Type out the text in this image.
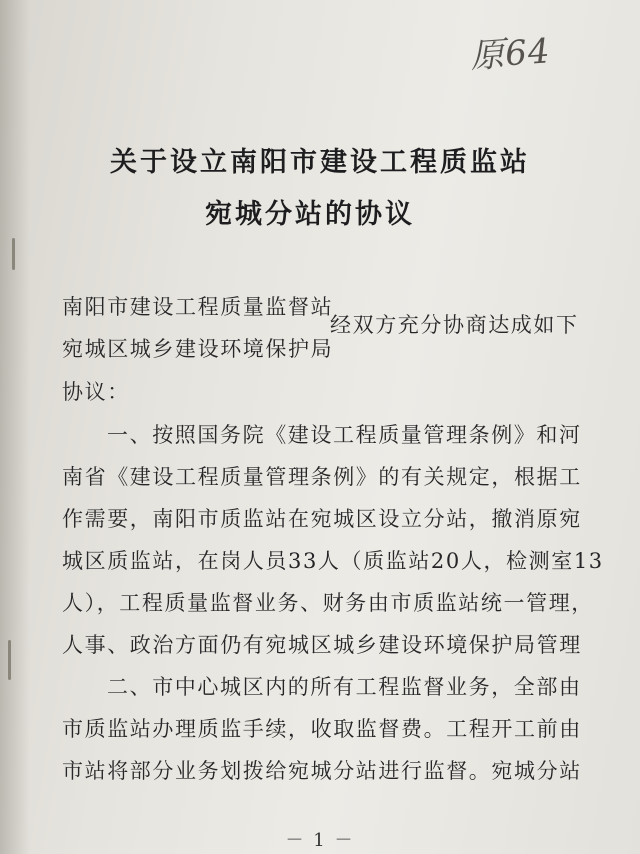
原64
关于设立南阳市建设工程质监站
宛城分站的协议
南阳市建设工程质量监督站
宛城区城乡建设环境保护局
经双方充分协商达成如下
协议：
一、按照国务院《建设工程质量管理条例》和河
南省《建设工程质量管理条例》的有关规定，根据工
作需要，南阳市质监站在宛城区设立分站，撤消原宛
城区质监站，在岗人员33人（质监站20人，检测室13
人），工程质量监督业务、财务由市质监站统一管理，
人事、政治方面仍有宛城区城乡建设环境保护局管理
二、市中心城区内的所有工程监督业务，全部由
市质监站办理质监手续，收取监督费。工程开工前由
市站将部分业务划拨给宛城分站进行监督。宛城分站
－ 1 －
